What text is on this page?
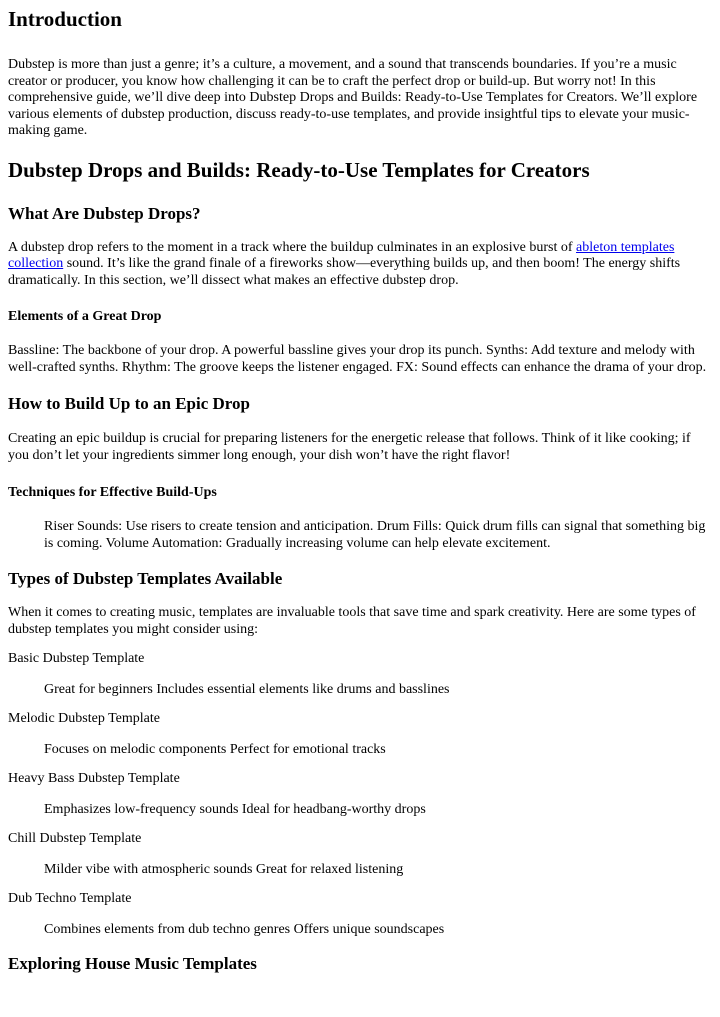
Introduction

Dubstep is more than just a genre; it’s a culture, a movement, and a sound that transcends boundaries. If you’re a music creator or producer, you know how challenging it can be to craft the perfect drop or build-up. But worry not! In this comprehensive guide, we’ll dive deep into Dubstep Drops and Builds: Ready-to-Use Templates for Creators. We’ll explore various elements of dubstep production, discuss ready-to-use templates, and provide insightful tips to elevate your music-making game.

Dubstep Drops and Builds: Ready-to-Use Templates for Creators
What Are Dubstep Drops?

A dubstep drop refers to the moment in a track where the buildup culminates in an explosive burst of ableton templates collection sound. It’s like the grand finale of a fireworks show—everything builds up, and then boom! The energy shifts dramatically. In this section, we’ll dissect what makes an effective dubstep drop.

Elements of a Great Drop

Bassline: The backbone of your drop. A powerful bassline gives your drop its punch. Synths: Add texture and melody with well-crafted synths. Rhythm: The groove keeps the listener engaged. FX: Sound effects can enhance the drama of your drop.

How to Build Up to an Epic Drop

Creating an epic buildup is crucial for preparing listeners for the energetic release that follows. Think of it like cooking; if you don’t let your ingredients simmer long enough, your dish won’t have the right flavor!

Techniques for Effective Build-Ups

Riser Sounds: Use risers to create tension and anticipation. Drum Fills: Quick drum fills can signal that something big is coming. Volume Automation: Gradually increasing volume can help elevate excitement.

Types of Dubstep Templates Available

When it comes to creating music, templates are invaluable tools that save time and spark creativity. Here are some types of dubstep templates you might consider using:

Basic Dubstep Template

Great for beginners Includes essential elements like drums and basslines

Melodic Dubstep Template

Focuses on melodic components Perfect for emotional tracks

Heavy Bass Dubstep Template

Emphasizes low-frequency sounds Ideal for headbang-worthy drops

Chill Dubstep Template

Milder vibe with atmospheric sounds Great for relaxed listening

Dub Techno Template

Combines elements from dub techno genres Offers unique soundscapes

Exploring House Music Templates
